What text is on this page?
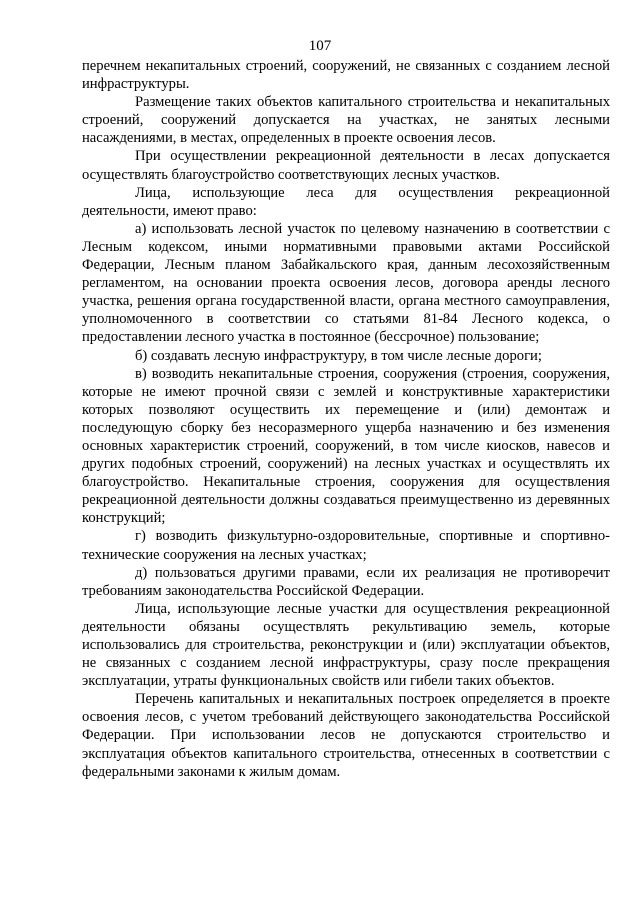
107

перечнем некапитальных строений, сооружений, не связанных с созданием лесной инфраструктуры.

Размещение таких объектов капитального строительства и некапитальных строений, сооружений допускается на участках, не занятых лесными насаждениями, в местах, определенных в проекте освоения лесов.

При осуществлении рекреационной деятельности в лесах допускается осуществлять благоустройство соответствующих лесных участков.

Лица, использующие леса для осуществления рекреационной деятельности, имеют право:

а) использовать лесной участок по целевому назначению в соответствии с Лесным кодексом, иными нормативными правовыми актами Российской Федерации, Лесным планом Забайкальского края, данным лесохозяйственным регламентом, на основании проекта освоения лесов, договора аренды лесного участка, решения органа государственной власти, органа местного самоуправления, уполномоченного в соответствии со статьями 81-84 Лесного кодекса, о предоставлении лесного участка в постоянное (бессрочное) пользование;

б) создавать лесную инфраструктуру, в том числе лесные дороги;

в) возводить некапитальные строения, сооружения (строения, сооружения, которые не имеют прочной связи с землей и конструктивные характеристики которых позволяют осуществить их перемещение и (или) демонтаж и последующую сборку без несоразмерного ущерба назначению и без изменения основных характеристик строений, сооружений, в том числе киосков, навесов и других подобных строений, сооружений) на лесных участках и осуществлять их благоустройство. Некапитальные строения, сооружения для осуществления рекреационной деятельности должны создаваться преимущественно из деревянных конструкций;

г) возводить физкультурно-оздоровительные, спортивные и спортивно-технические сооружения на лесных участках;

д) пользоваться другими правами, если их реализация не противоречит требованиям законодательства Российской Федерации.

Лица, использующие лесные участки для осуществления рекреационной деятельности обязаны осуществлять рекультивацию земель, которые использовались для строительства, реконструкции и (или) эксплуатации объектов, не связанных с созданием лесной инфраструктуры, сразу после прекращения эксплуатации, утраты функциональных свойств или гибели таких объектов.

Перечень капитальных и некапитальных построек определяется в проекте освоения лесов, с учетом требований действующего законодательства Российской Федерации. При использовании лесов не допускаются строительство и эксплуатация объектов капитального строительства, отнесенных в соответствии с федеральными законами к жилым домам.
